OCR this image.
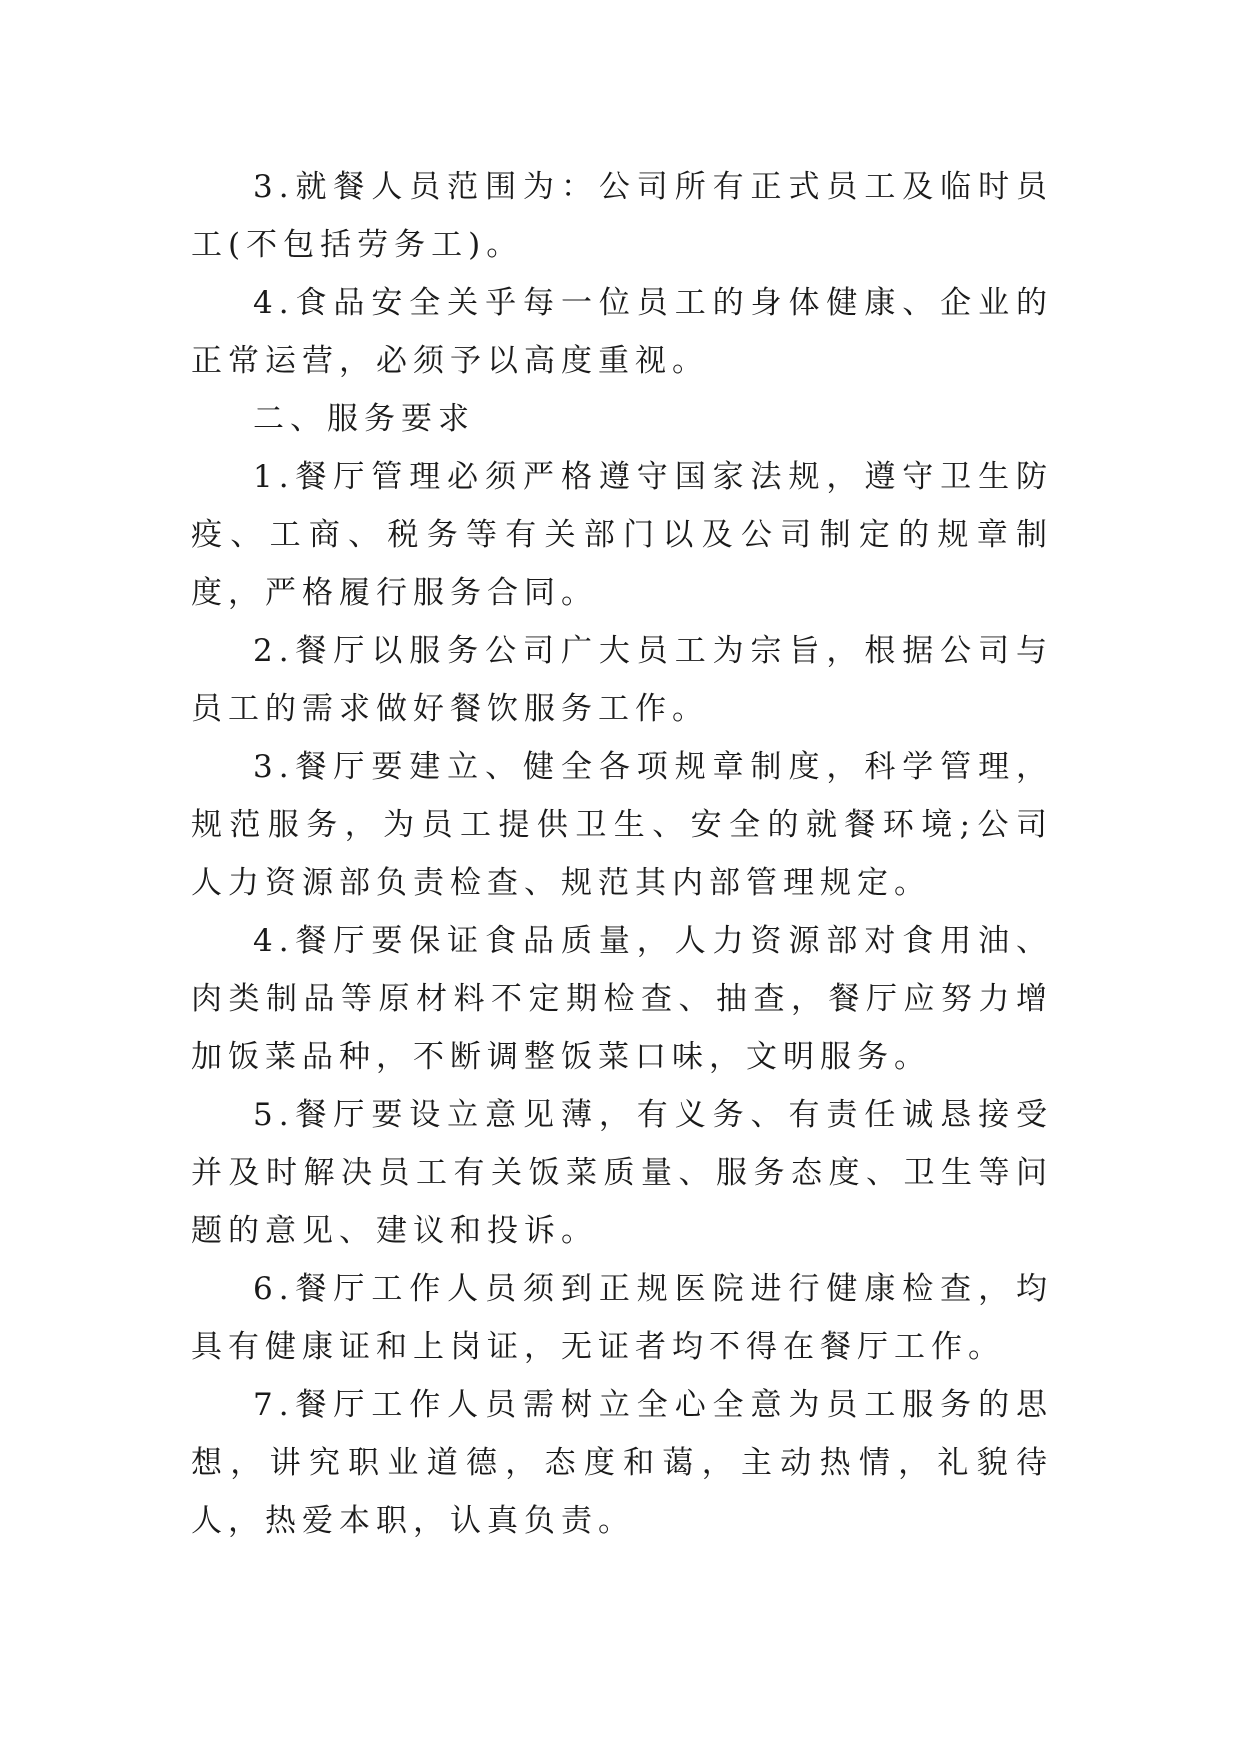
3.就餐人员范围为：公司所有正式员工及临时员工(不包括劳务工)。

4.食品安全关乎每一位员工的身体健康、企业的正常运营，必须予以高度重视。

二、服务要求

1.餐厅管理必须严格遵守国家法规，遵守卫生防疫、工商、税务等有关部门以及公司制定的规章制度，严格履行服务合同。

2.餐厅以服务公司广大员工为宗旨，根据公司与员工的需求做好餐饮服务工作。

3.餐厅要建立、健全各项规章制度，科学管理，规范服务，为员工提供卫生、安全的就餐环境;公司人力资源部负责检查、规范其内部管理规定。

4.餐厅要保证食品质量，人力资源部对食用油、肉类制品等原材料不定期检查、抽查，餐厅应努力增加饭菜品种，不断调整饭菜口味，文明服务。

5.餐厅要设立意见薄，有义务、有责任诚恳接受并及时解决员工有关饭菜质量、服务态度、卫生等问题的意见、建议和投诉。

6.餐厅工作人员须到正规医院进行健康检查，均具有健康证和上岗证，无证者均不得在餐厅工作。

7.餐厅工作人员需树立全心全意为员工服务的思想，讲究职业道德，态度和蔼，主动热情，礼貌待人，热爱本职，认真负责。
